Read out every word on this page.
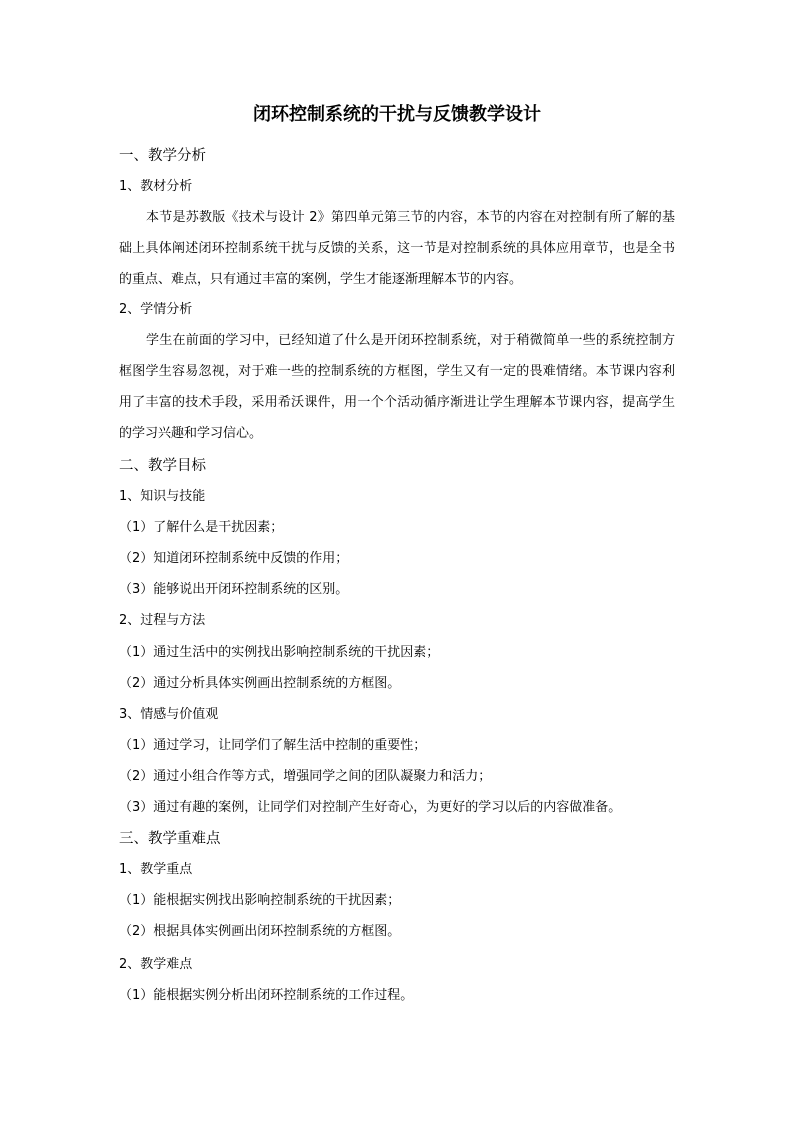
闭环控制系统的干扰与反馈教学设计
一、教学分析
1、教材分析
本节是苏教版《技术与设计 2》第四单元第三节的内容，本节的内容在对控制有所了解的基础上具体阐述闭环控制系统干扰与反馈的关系，这一节是对控制系统的具体应用章节，也是全书的重点、难点，只有通过丰富的案例，学生才能逐渐理解本节的内容。
2、学情分析
学生在前面的学习中，已经知道了什么是开闭环控制系统，对于稍微简单一些的系统控制方框图学生容易忽视，对于难一些的控制系统的方框图，学生又有一定的畏难情绪。本节课内容利用了丰富的技术手段，采用希沃课件，用一个个活动循序渐进让学生理解本节课内容，提高学生的学习兴趣和学习信心。
二、教学目标
1、知识与技能
（1）了解什么是干扰因素；
（2）知道闭环控制系统中反馈的作用；
（3）能够说出开闭环控制系统的区别。
2、过程与方法
（1）通过生活中的实例找出影响控制系统的干扰因素；
（2）通过分析具体实例画出控制系统的方框图。
3、情感与价值观
（1）通过学习，让同学们了解生活中控制的重要性；
（2）通过小组合作等方式，增强同学之间的团队凝聚力和活力；
（3）通过有趣的案例，让同学们对控制产生好奇心，为更好的学习以后的内容做准备。
三、教学重难点
1、教学重点
（1）能根据实例找出影响控制系统的干扰因素；
（2）根据具体实例画出闭环控制系统的方框图。
2、教学难点
（1）能根据实例分析出闭环控制系统的工作过程。
